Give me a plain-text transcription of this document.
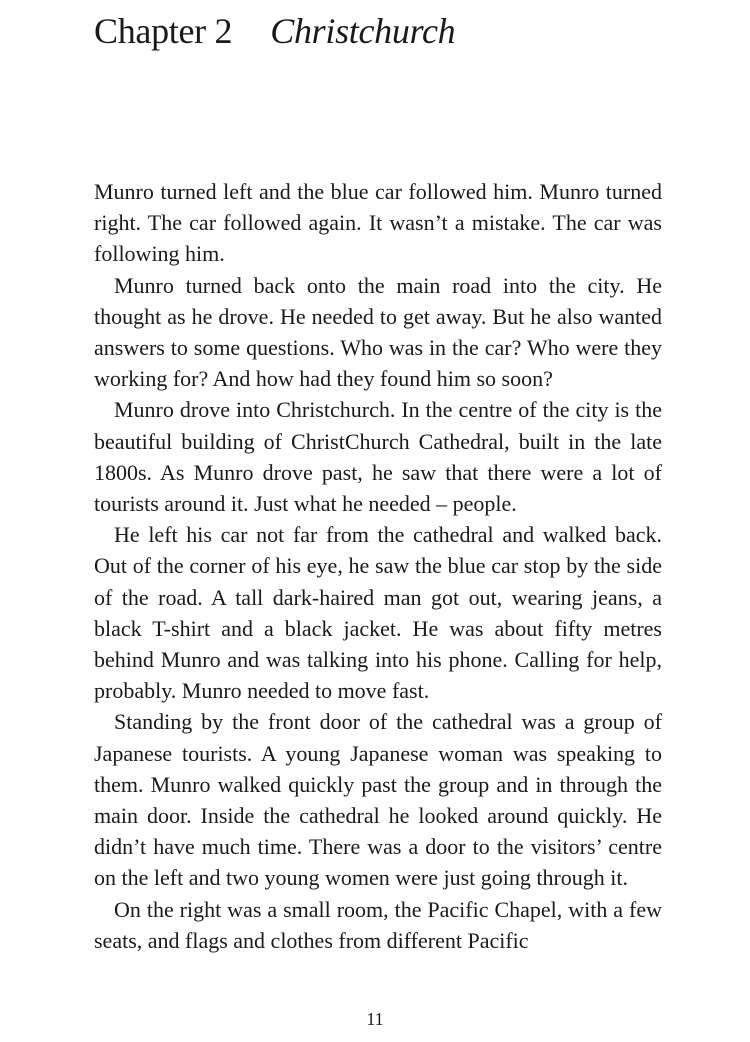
Chapter 2 Christchurch

Munro turned left and the blue car followed him. Munro turned right. The car followed again. It wasn’t a mistake. The car was following him.

Munro turned back onto the main road into the city. He thought as he drove. He needed to get away. But he also wanted answers to some questions. Who was in the car? Who were they working for? And how had they found him so soon?

Munro drove into Christchurch. In the centre of the city is the beautiful building of ChristChurch Cathedral, built in the late 1800s. As Munro drove past, he saw that there were a lot of tourists around it. Just what he needed – people.

He left his car not far from the cathedral and walked back. Out of the corner of his eye, he saw the blue car stop by the side of the road. A tall dark-haired man got out, wearing jeans, a black T-shirt and a black jacket. He was about fifty metres behind Munro and was talking into his phone. Calling for help, probably. Munro needed to move fast.

Standing by the front door of the cathedral was a group of Japanese tourists. A young Japanese woman was speaking to them. Munro walked quickly past the group and in through the main door. Inside the cathedral he looked around quickly. He didn’t have much time. There was a door to the visitors’ centre on the left and two young women were just going through it.

On the right was a small room, the Pacific Chapel, with a few seats, and flags and clothes from different Pacific

11
